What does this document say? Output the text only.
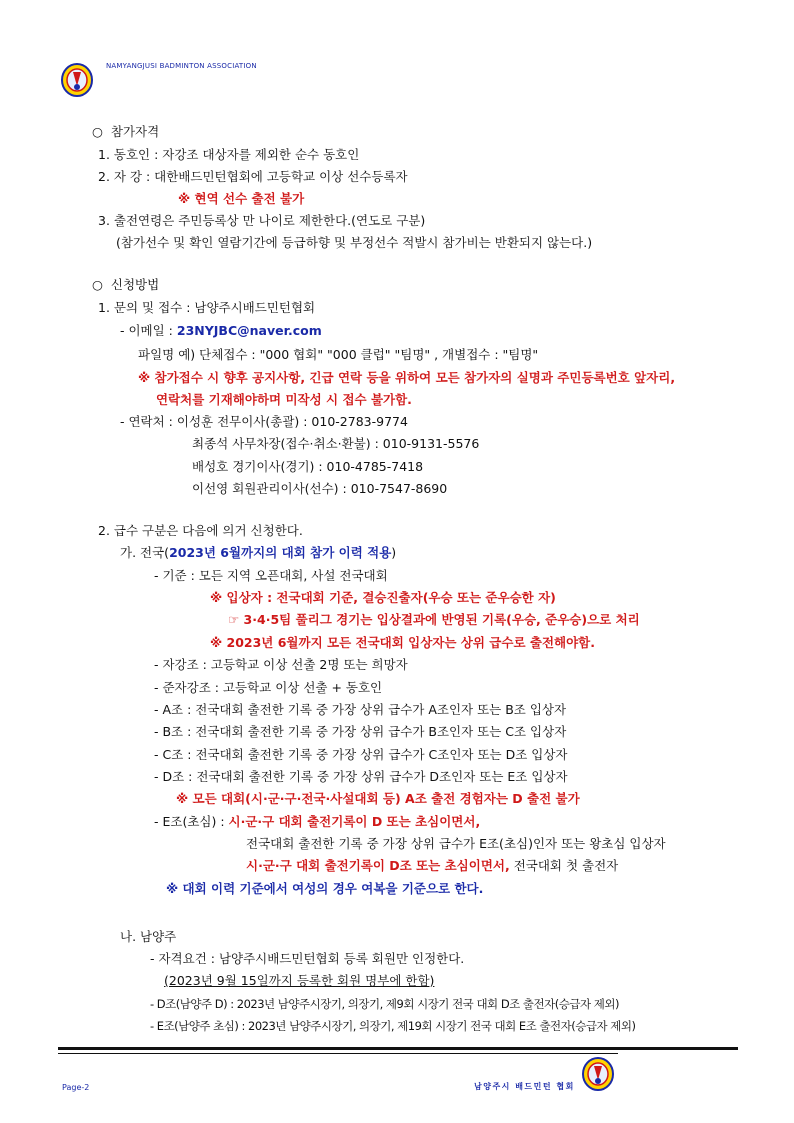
NAMYANGJUSI BADMINTON ASSOCIATION
○ 참가자격
1. 동호인 : 자강조 대상자를 제외한 순수 동호인
2. 자 강 : 대한배드민턴협회에 고등학교 이상 선수등록자
※ 현역 선수 출전 불가
3. 출전연령은 주민등록상 만 나이로 제한한다.(연도로 구분)
(참가선수 및 확인 열람기간에 등급하향 및 부정선수 적발시 참가비는 반환되지 않는다.)
○ 신청방법
1. 문의 및 접수 : 남양주시배드민턴협회
- 이메일 : 23NYJBC@naver.com
파일명 예) 단체접수 : "000 협회" "000 클럽" "팀명" , 개별접수 : "팀명"
※ 참가접수 시 향후 공지사항, 긴급 연락 등을 위하여 모든 참가자의 실명과 주민등록번호 앞자리,
연락처를 기재해야하며 미작성 시 접수 불가함.
- 연락처 : 이성훈 전무이사(총괄) : 010-2783-9774
최종석 사무차장(접수·취소·환불) : 010-9131-5576
배성호 경기이사(경기) : 010-4785-7418
이선영 회원관리이사(선수) : 010-7547-8690
2. 급수 구분은 다음에 의거 신청한다.
가. 전국(2023년 6월까지의 대회 참가 이력 적용)
- 기준 : 모든 지역 오픈대회, 사설 전국대회
※ 입상자 : 전국대회 기준, 결승진출자(우승 또는 준우승한 자)
☞ 3·4·5팀 풀리그 경기는 입상결과에 반영된 기록(우승, 준우승)으로 처리
※ 2023년 6월까지 모든 전국대회 입상자는 상위 급수로 출전해야함.
- 자강조 : 고등학교 이상 선출 2명 또는 희망자
- 준자강조 : 고등학교 이상 선출 + 동호인
- A조 : 전국대회 출전한 기록 중 가장 상위 급수가 A조인자 또는 B조 입상자
- B조 : 전국대회 출전한 기록 중 가장 상위 급수가 B조인자 또는 C조 입상자
- C조 : 전국대회 출전한 기록 중 가장 상위 급수가 C조인자 또는 D조 입상자
- D조 : 전국대회 출전한 기록 중 가장 상위 급수가 D조인자 또는 E조 입상자
※ 모든 대회(시·군·구·전국·사설대회 등) A조 출전 경험자는 D 출전 불가
- E조(초심) : 시·군·구 대회 출전기록이 D 또는 초심이면서,
전국대회 출전한 기록 중 가장 상위 급수가 E조(초심)인자 또는 왕초심 입상자
시·군·구 대회 출전기록이 D조 또는 초심이면서, 전국대회 첫 출전자
※ 대회 이력 기준에서 여성의 경우 여복을 기준으로 한다.
나. 남양주
- 자격요건 : 남양주시배드민턴협회 등록 회원만 인정한다.
(2023년 9월 15일까지 등록한 회원 명부에 한함)
- D조(남양주 D) : 2023년 남양주시장기, 의장기, 제9회 시장기 전국 대회 D조 출전자(승급자 제외)
- E조(남양주 초심) : 2023년 남양주시장기, 의장기, 제19회 시장기 전국 대회 E조 출전자(승급자 제외)
Page-2	남양주시 배드민턴 협회
